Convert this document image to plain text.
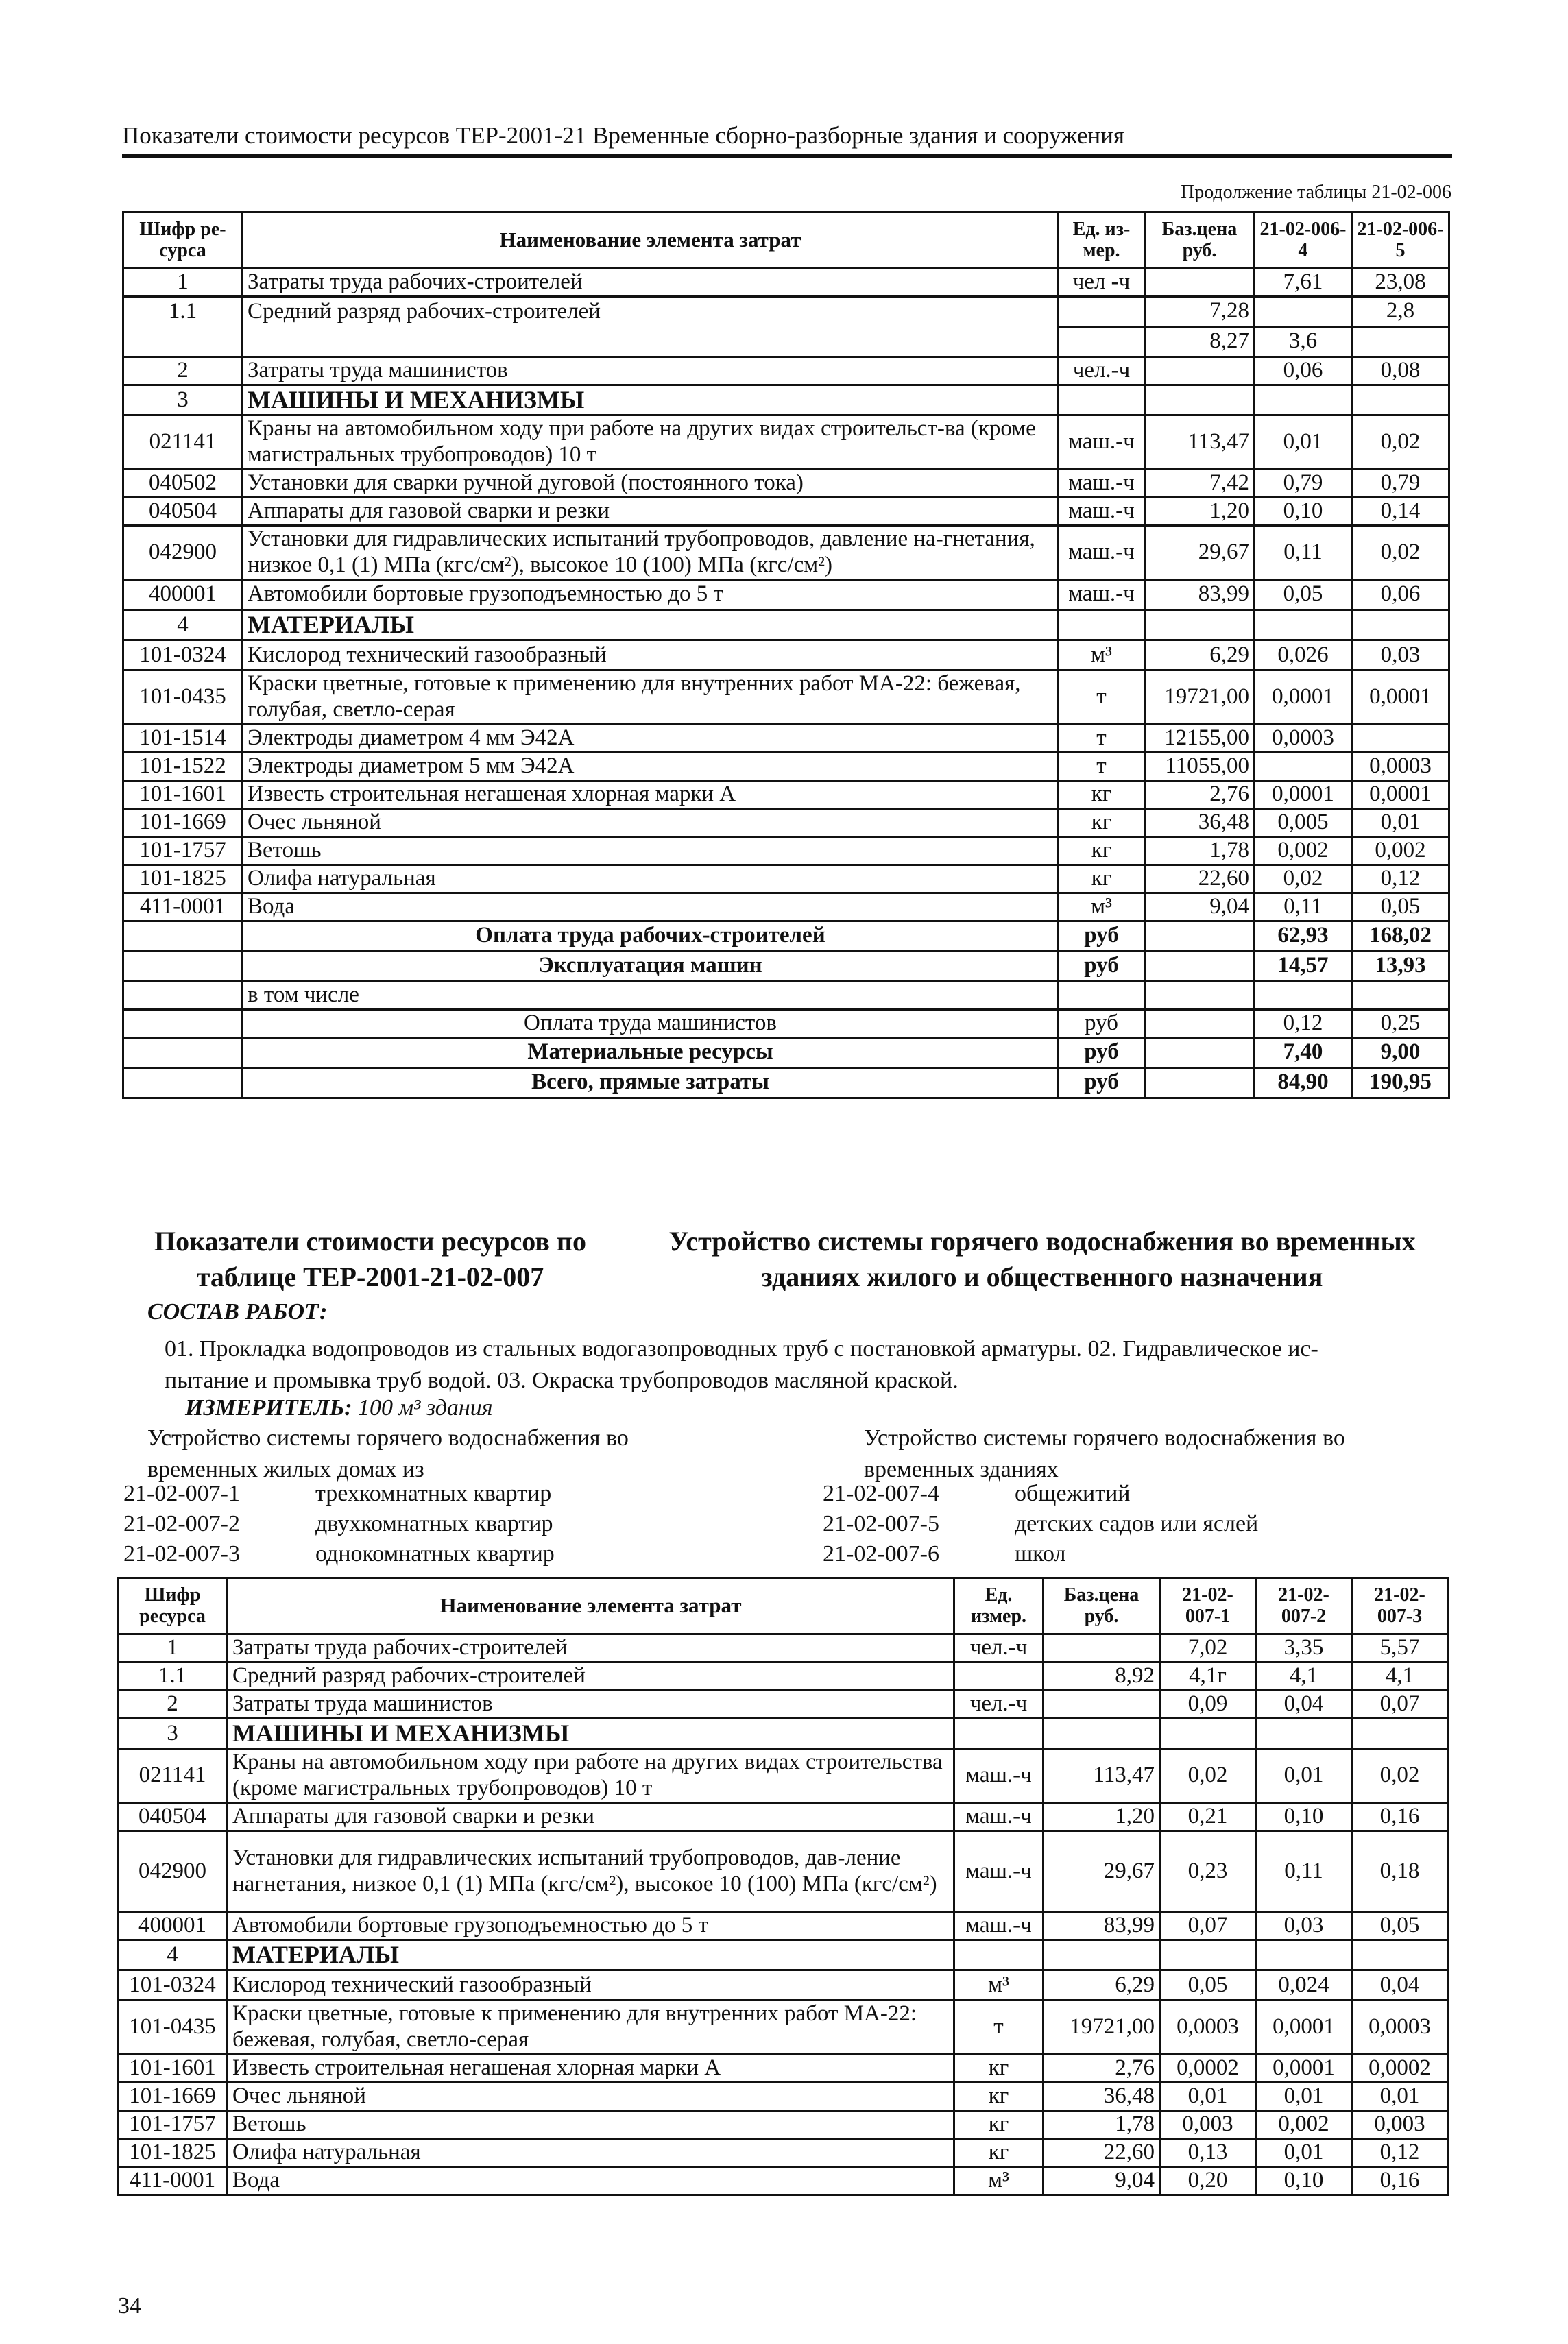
Показатели стоимости ресурсов ТЕР-2001-21 Временные сборно-разборные здания и сооружения
Продолжение таблицы 21-02-006
Шифр ре-сурса	Наименование элемента затрат	Ед. из-мер.	Баз.цена руб.	21-02-006-4	21-02-006-5
1	Затраты труда рабочих-строителей	чел -ч		7,61	23,08
1.1	Средний разряд рабочих-строителей		7,28		2,8
			8,27	3,6	
2	Затраты труда машинистов	чел.-ч		0,06	0,08
3	МАШИНЫ И МЕХАНИЗМЫ				
021141	Краны на автомобильном ходу при работе на других видах строительст-ва (кроме магистральных трубопроводов) 10 т	маш.-ч	113,47	0,01	0,02
040502	Установки для сварки ручной дуговой (постоянного тока)	маш.-ч	7,42	0,79	0,79
040504	Аппараты для газовой сварки и резки	маш.-ч	1,20	0,10	0,14
042900	Установки для гидравлических испытаний трубопроводов, давление на-гнетания, низкое 0,1 (1) МПа (кгс/см²), высокое 10 (100) МПа (кгс/см²)	маш.-ч	29,67	0,11	0,02
400001	Автомобили бортовые грузоподъемностью до 5 т	маш.-ч	83,99	0,05	0,06
4	МАТЕРИАЛЫ				
101-0324	Кислород технический газообразный	м³	6,29	0,026	0,03
101-0435	Краски цветные, готовые к применению для внутренних работ МА-22: бежевая, голубая, светло-серая	т	19721,00	0,0001	0,0001
101-1514	Электроды диаметром 4 мм Э42А	т	12155,00	0,0003	
101-1522	Электроды диаметром 5 мм Э42А	т	11055,00		0,0003
101-1601	Известь строительная негашеная хлорная марки А	кг	2,76	0,0001	0,0001
101-1669	Очес льняной	кг	36,48	0,005	0,01
101-1757	Ветошь	кг	1,78	0,002	0,002
101-1825	Олифа натуральная	кг	22,60	0,02	0,12
411-0001	Вода	м³	9,04	0,11	0,05
	Оплата труда рабочих-строителей	руб		62,93	168,02
	Эксплуатация машин	руб		14,57	13,93
	в том числе				
	Оплата труда машинистов	руб		0,12	0,25
	Материальные ресурсы	руб		7,40	9,00
	Всего, прямые затраты	руб		84,90	190,95
Показатели стоимости ресурсов по
таблице ТЕР-2001-21-02-007
Устройство системы горячего водоснабжения во временных
зданиях жилого и общественного назначения
СОСТАВ РАБОТ:
01. Прокладка водопроводов из стальных водогазопроводных труб с постановкой арматуры. 02. Гидравлическое ис-
пытание и промывка труб водой. 03. Окраска трубопроводов масляной краской.
ИЗМЕРИТЕЛЬ: 100 м³ здания
Устройство системы горячего водоснабжения во
временных жилых домах из
Устройство системы горячего водоснабжения во
временных зданиях
21-02-007-1	трехкомнатных квартир
21-02-007-2	двухкомнатных квартир
21-02-007-3	однокомнатных квартир
21-02-007-4	общежитий
21-02-007-5	детских садов или яслей
21-02-007-6	школ
Шифр ресурса	Наименование элемента затрат	Ед. измер.	Баз.цена руб.	21-02-007-1	21-02-007-2	21-02-007-3
1	Затраты труда рабочих-строителей	чел.-ч		7,02	3,35	5,57
1.1	Средний разряд рабочих-строителей		8,92	4,1г	4,1	4,1
2	Затраты труда машинистов	чел.-ч		0,09	0,04	0,07
3	МАШИНЫ И МЕХАНИЗМЫ					
021141	Краны на автомобильном ходу при работе на других видах строительства (кроме магистральных трубопроводов) 10 т	маш.-ч	113,47	0,02	0,01	0,02
040504	Аппараты для газовой сварки и резки	маш.-ч	1,20	0,21	0,10	0,16
042900	Установки для гидравлических испытаний трубопроводов, дав-ление нагнетания, низкое 0,1 (1) МПа (кгс/см²), высокое 10 (100) МПа (кгс/см²)	маш.-ч	29,67	0,23	0,11	0,18
400001	Автомобили бортовые грузоподъемностью до 5 т	маш.-ч	83,99	0,07	0,03	0,05
4	МАТЕРИАЛЫ					
101-0324	Кислород технический газообразный	м³	6,29	0,05	0,024	0,04
101-0435	Краски цветные, готовые к применению для внутренних работ МА-22: бежевая, голубая, светло-серая	т	19721,00	0,0003	0,0001	0,0003
101-1601	Известь строительная негашеная хлорная марки А	кг	2,76	0,0002	0,0001	0,0002
101-1669	Очес льняной	кг	36,48	0,01	0,01	0,01
101-1757	Ветошь	кг	1,78	0,003	0,002	0,003
101-1825	Олифа натуральная	кг	22,60	0,13	0,01	0,12
411-0001	Вода	м³	9,04	0,20	0,10	0,16
34
